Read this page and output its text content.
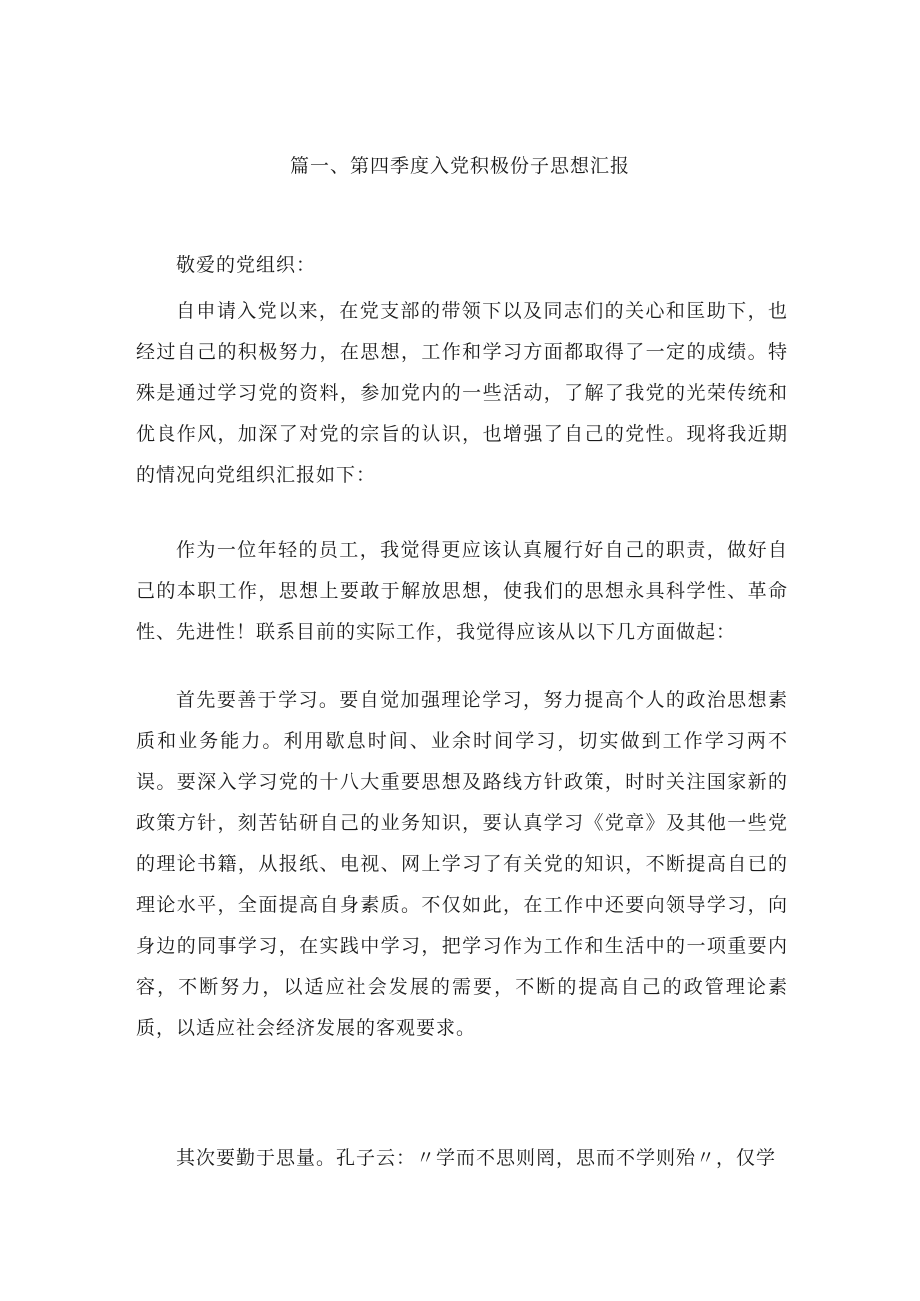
篇一、第四季度入党积极份子思想汇报
敬爱的党组织：

自申请入党以来，在党支部的带领下以及同志们的关心和匡助下，也经过自己的积极努力，在思想，工作和学习方面都取得了一定的成绩。特殊是通过学习党的资料，参加党内的一些活动，了解了我党的光荣传统和优良作风，加深了对党的宗旨的认识，也增强了自己的党性。现将我近期的情况向党组织汇报如下：

作为一位年轻的员工，我觉得更应该认真履行好自己的职责，做好自己的本职工作，思想上要敢于解放思想，使我们的思想永具科学性、革命性、先进性！联系目前的实际工作，我觉得应该从以下几方面做起：

首先要善于学习。要自觉加强理论学习，努力提高个人的政治思想素质和业务能力。利用歇息时间、业余时间学习，切实做到工作学习两不误。要深入学习党的十八大重要思想及路线方针政策，时时关注国家新的政策方针，刻苦钻研自己的业务知识，要认真学习《党章》及其他一些党的理论书籍，从报纸、电视、网上学习了有关党的知识，不断提高自已的理论水平，全面提高自身素质。不仅如此，在工作中还要向领导学习，向身边的同事学习，在实践中学习，把学习作为工作和生活中的一项重要内容，不断努力，以适应社会发展的需要，不断的提高自己的政管理论素质，以适应社会经济发展的客观要求。

其次要勤于思量。孔子云：〃学而不思则罔，思而不学则殆〃，仅学
